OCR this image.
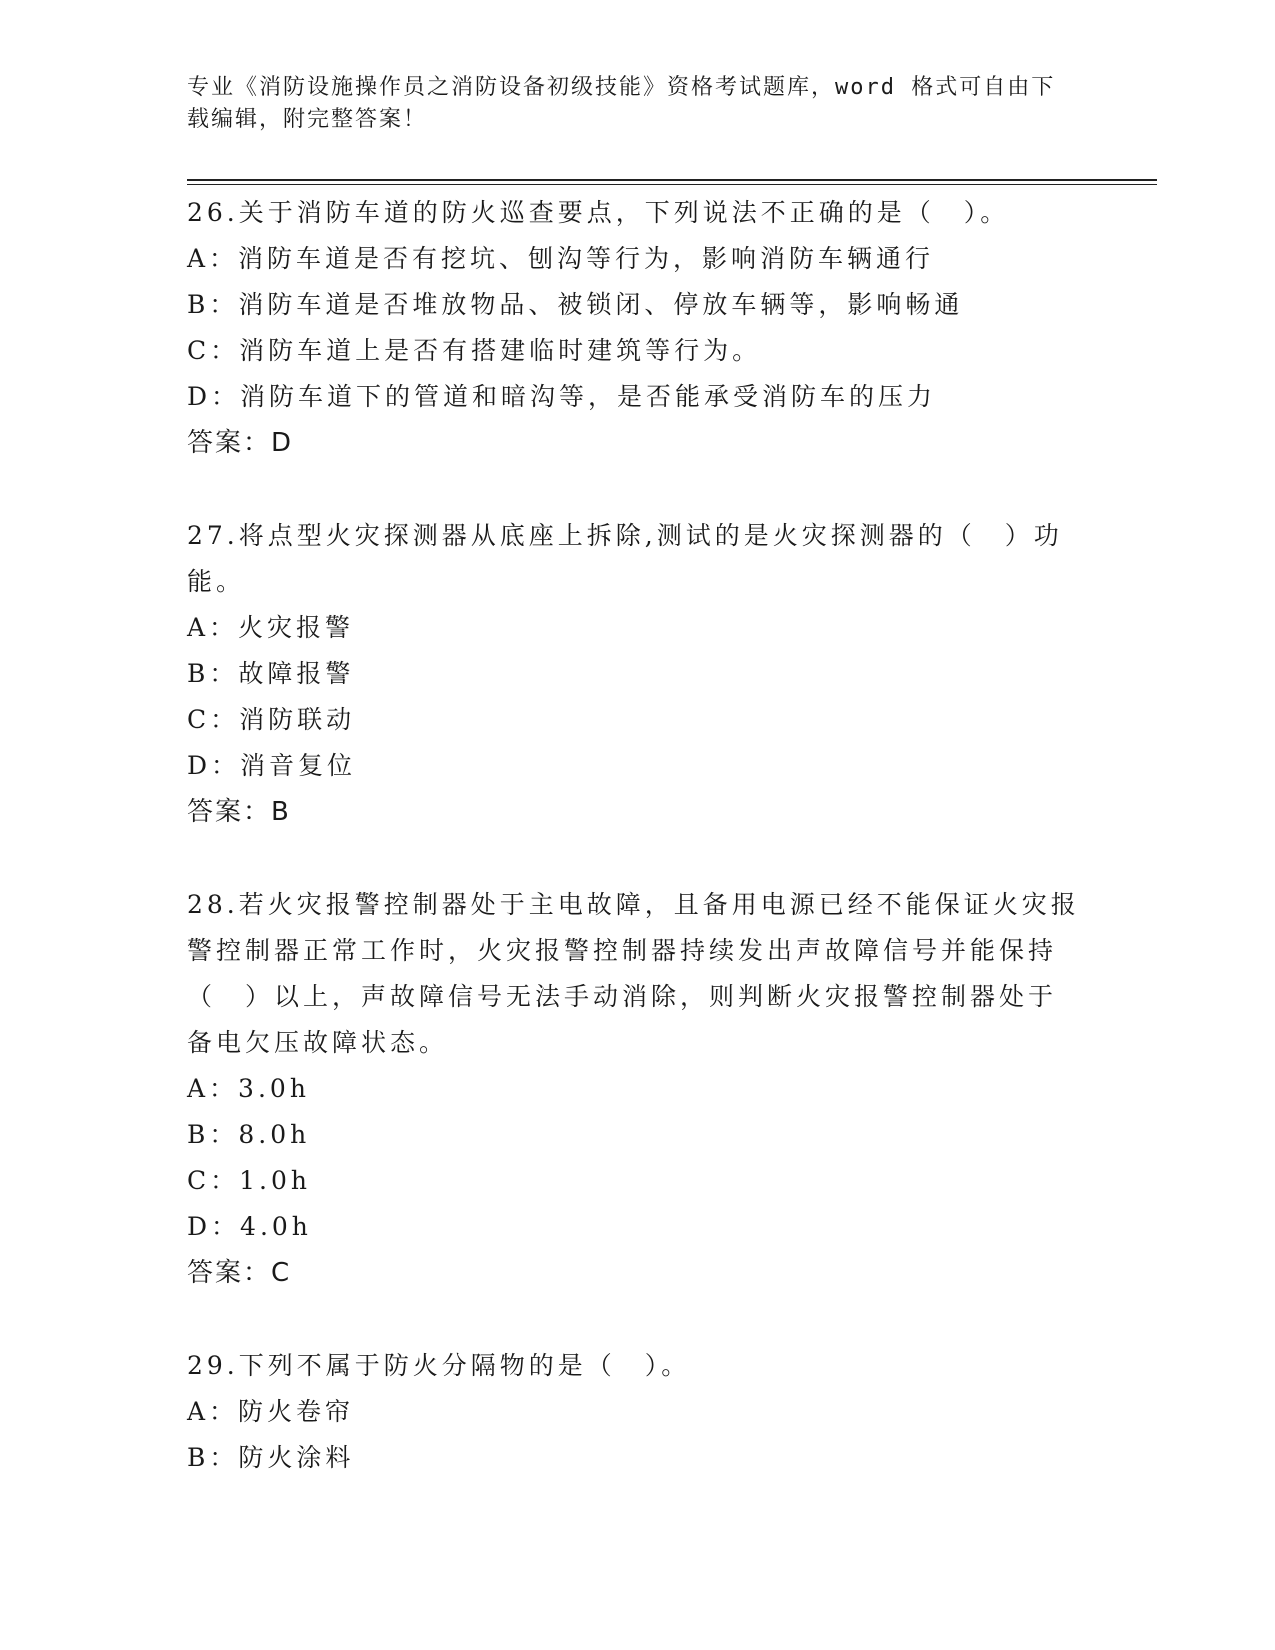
专业《消防设施操作员之消防设备初级技能》资格考试题库，word 格式可自由下
载编辑，附完整答案！

26.关于消防车道的防火巡查要点，下列说法不正确的是（　）。

A：消防车道是否有挖坑、刨沟等行为，影响消防车辆通行

B：消防车道是否堆放物品、被锁闭、停放车辆等，影响畅通

C：消防车道上是否有搭建临时建筑等行为。

D：消防车道下的管道和暗沟等，是否能承受消防车的压力

答案：D

27.将点型火灾探测器从底座上拆除,测试的是火灾探测器的（　）功

能。

A：火灾报警

B：故障报警

C：消防联动

D：消音复位

答案：B

28.若火灾报警控制器处于主电故障，且备用电源已经不能保证火灾报

警控制器正常工作时，火灾报警控制器持续发出声故障信号并能保持

（　）以上，声故障信号无法手动消除，则判断火灾报警控制器处于

备电欠压故障状态。

A：3.0h

B：8.0h

C：1.0h

D：4.0h

答案：C

29.下列不属于防火分隔物的是（　）。

A：防火卷帘

B：防火涂料
